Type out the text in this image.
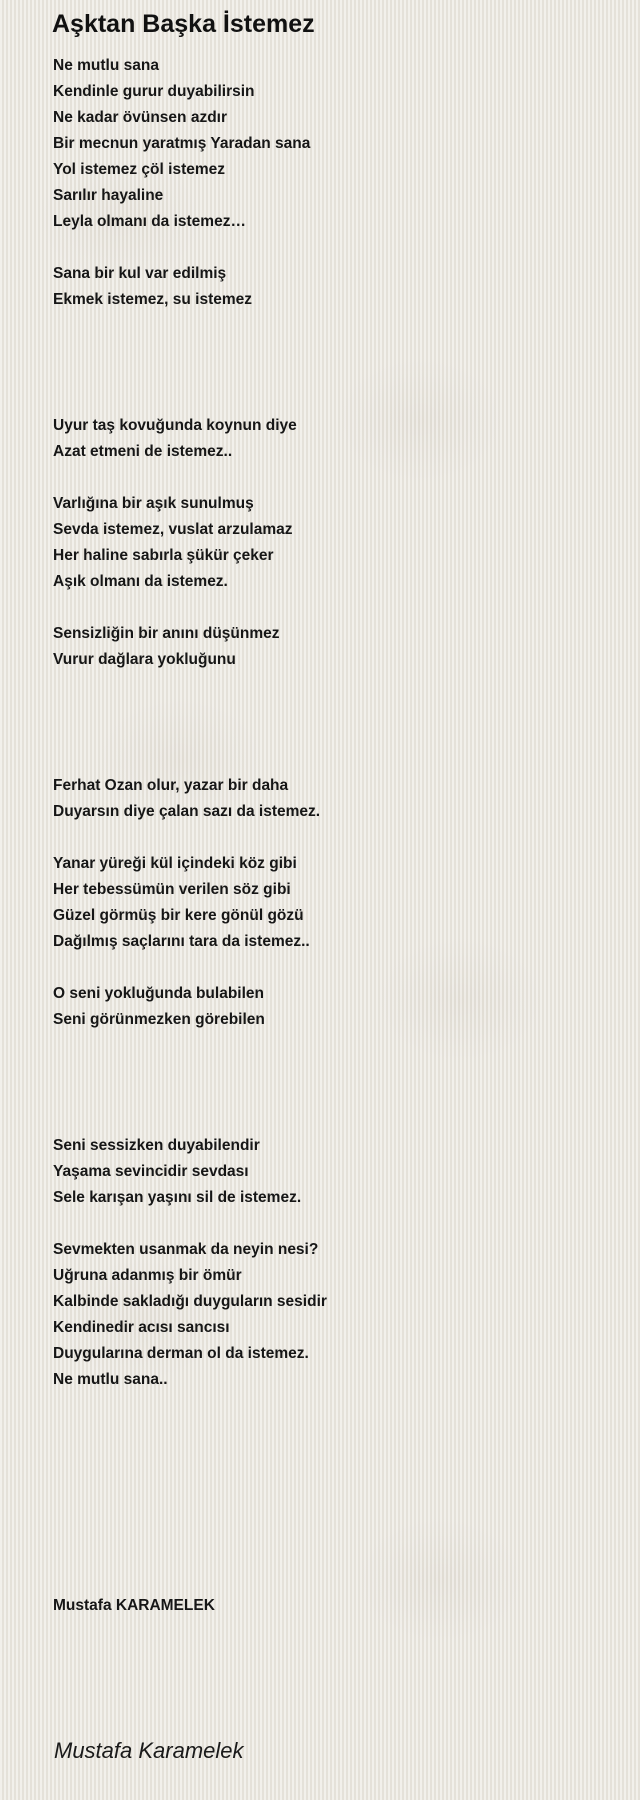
Aşktan Başka İstemez
Ne mutlu sana
Kendinle gurur duyabilirsin
Ne kadar övünsen azdır
Bir mecnun yaratmış Yaradan sana
Yol istemez çöl istemez
Sarılır hayaline
Leyla olmanı da istemez…
Sana bir kul var edilmiş
Ekmek istemez, su istemez
Uyur taş kovuğunda koynun diye
Azat etmeni de istemez..
Varlığına bir aşık sunulmuş
Sevda istemez, vuslat arzulamaz
Her haline sabırla şükür çeker
Aşık olmanı da istemez.
Sensizliğin bir anını düşünmez
Vurur dağlara yokluğunu
Ferhat Ozan olur, yazar bir daha
Duyarsın diye çalan sazı da istemez.
Yanar yüreği kül içindeki köz gibi
Her tebessümün verilen söz gibi
Güzel görmüş bir kere gönül gözü
Dağılmış saçlarını tara da istemez..
O seni yokluğunda bulabilen
Seni görünmezken görebilen
Seni sessizken duyabilendir
Yaşama sevincidir sevdası
Sele karışan yaşını sil de istemez.
Sevmekten usanmak da neyin nesi?
Uğruna adanmış bir ömür
Kalbinde sakladığı duyguların sesidir
Kendinedir acısı sancısı
Duygularına derman ol da istemez.
Ne mutlu sana..
Mustafa KARAMELEK
Mustafa Karamelek
